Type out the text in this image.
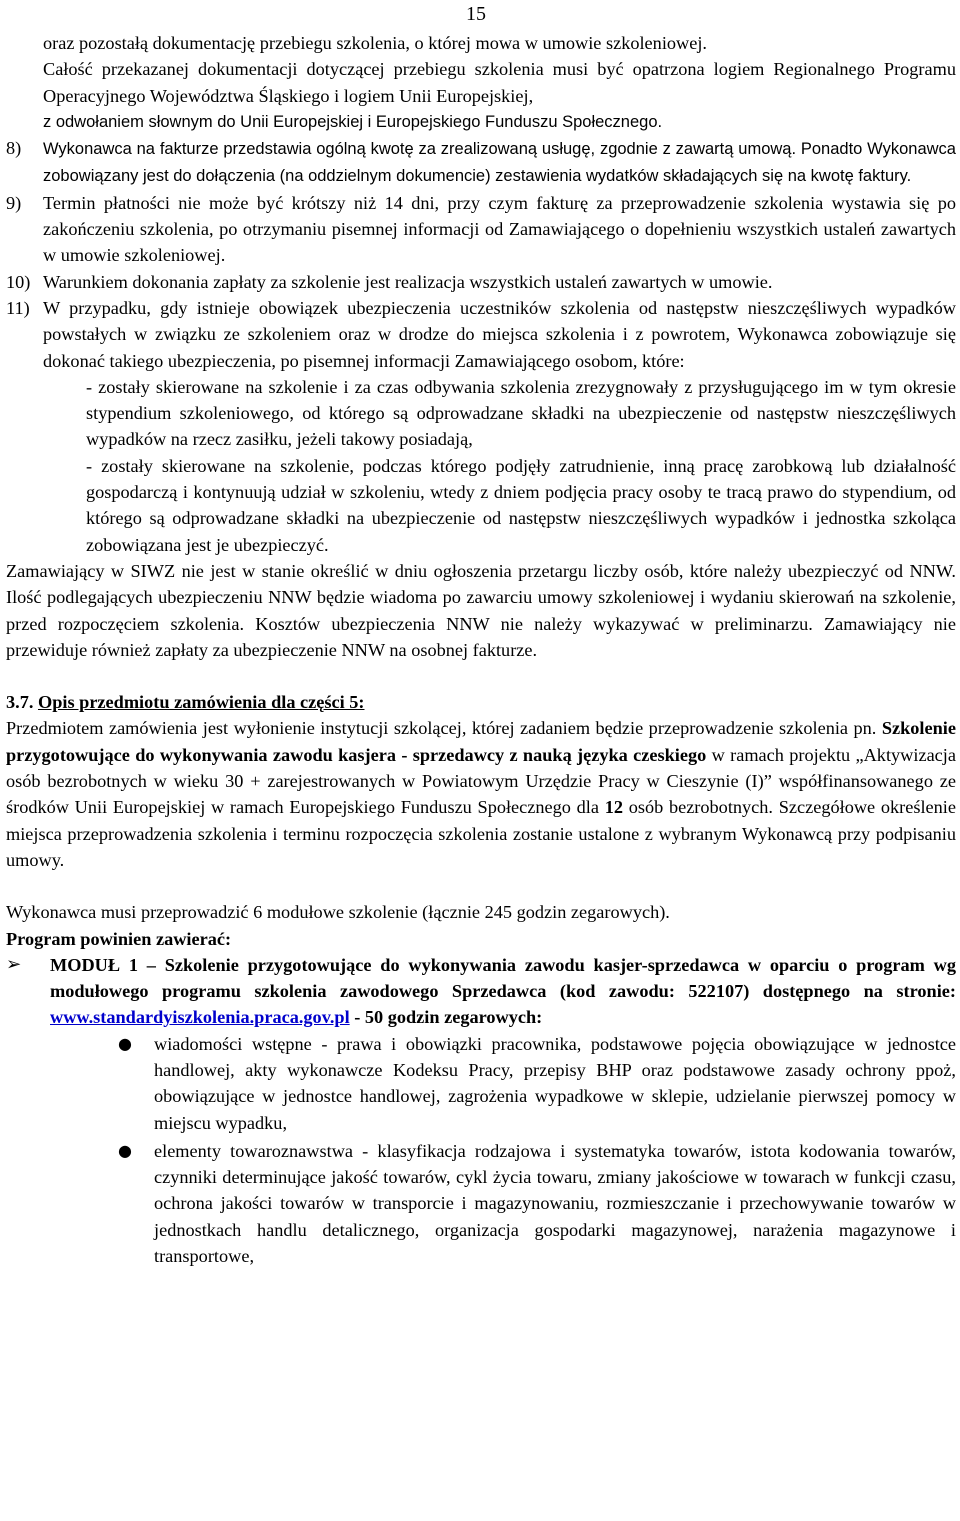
15

oraz pozostałą dokumentację przebiegu szkolenia, o której mowa w umowie szkoleniowej.

Całość przekazanej dokumentacji dotyczącej przebiegu szkolenia musi być opatrzona logiem Regionalnego Programu Operacyjnego Województwa Śląskiego i logiem Unii Europejskiej,

z odwołaniem słownym do Unii Europejskiej i Europejskiego Funduszu Społecznego.

8) Wykonawca na fakturze przedstawia ogólną kwotę za zrealizowaną usługę, zgodnie z zawartą umową. Ponadto Wykonawca zobowiązany jest do dołączenia (na oddzielnym dokumencie) zestawienia wydatków składających się na kwotę faktury.

9) Termin płatności nie może być krótszy niż 14 dni, przy czym fakturę za przeprowadzenie szkolenia wystawia się po zakończeniu szkolenia, po otrzymaniu pisemnej informacji od Zamawiającego o dopełnieniu wszystkich ustaleń zawartych w umowie szkoleniowej.

10) Warunkiem dokonania zapłaty za szkolenie jest realizacja wszystkich ustaleń zawartych w umowie.

11) W przypadku, gdy istnieje obowiązek ubezpieczenia uczestników szkolenia od następstw nieszczęśliwych wypadków powstałych w związku ze szkoleniem oraz w drodze do miejsca szkolenia i z powrotem, Wykonawca zobowiązuje się dokonać takiego ubezpieczenia, po pisemnej informacji Zamawiającego osobom, które:

- zostały skierowane na szkolenie i za czas odbywania szkolenia zrezygnowały z przysługującego im w tym okresie stypendium szkoleniowego, od którego są odprowadzane składki na ubezpieczenie od następstw nieszczęśliwych wypadków na rzecz zasiłku, jeżeli takowy posiadają,

- zostały skierowane na szkolenie, podczas którego podjęły zatrudnienie, inną pracę zarobkową lub działalność gospodarczą i kontynuują udział w szkoleniu, wtedy z dniem podjęcia pracy osoby te tracą prawo do stypendium, od którego są odprowadzane składki na ubezpieczenie od następstw nieszczęśliwych wypadków i jednostka szkoląca zobowiązana jest je ubezpieczyć.

Zamawiający w SIWZ nie jest w stanie określić w dniu ogłoszenia przetargu liczby osób, które należy ubezpieczyć od NNW. Ilość podlegających ubezpieczeniu NNW będzie wiadoma po zawarciu umowy szkoleniowej i wydaniu skierowań na szkolenie, przed rozpoczęciem szkolenia. Kosztów ubezpieczenia NNW nie należy wykazywać w preliminarzu. Zamawiający nie przewiduje również zapłaty za ubezpieczenie NNW na osobnej fakturze.

3.7. Opis przedmiotu zamówienia dla części 5:

Przedmiotem zamówienia jest wyłonienie instytucji szkolącej, której zadaniem będzie przeprowadzenie szkolenia pn. Szkolenie przygotowujące do wykonywania zawodu kasjera - sprzedawcy z nauką języka czeskiego w ramach projektu „Aktywizacja osób bezrobotnych w wieku 30 + zarejestrowanych w Powiatowym Urzędzie Pracy w Cieszynie (I)” współfinansowanego ze środków Unii Europejskiej w ramach Europejskiego Funduszu Społecznego dla 12 osób bezrobotnych. Szczegółowe określenie miejsca przeprowadzenia szkolenia i terminu rozpoczęcia szkolenia zostanie ustalone z wybranym Wykonawcą przy podpisaniu umowy.

Wykonawca musi przeprowadzić 6 modułowe szkolenie (łącznie 245 godzin zegarowych).

Program powinien zawierać:

➢ MODUŁ 1 – Szkolenie przygotowujące do wykonywania zawodu kasjer-sprzedawca w oparciu o program wg modułowego programu szkolenia zawodowego Sprzedawca (kod zawodu: 522107) dostępnego na stronie: www.standardyiszkolenia.praca.gov.pl - 50 godzin zegarowych:

● wiadomości wstępne - prawa i obowiązki pracownika, podstawowe pojęcia obowiązujące w jednostce handlowej, akty wykonawcze Kodeksu Pracy, przepisy BHP oraz podstawowe zasady ochrony ppoż, obowiązujące w jednostce handlowej, zagrożenia wypadkowe w sklepie, udzielanie pierwszej pomocy w miejscu wypadku,
● elementy towaroznawstwa - klasyfikacja rodzajowa i systematyka towarów, istota kodowania towarów, czynniki determinujące jakość towarów, cykl życia towaru, zmiany jakościowe w towarach w funkcji czasu, ochrona jakości towarów w transporcie i magazynowaniu, rozmieszczanie i przechowywanie towarów w jednostkach handlu detalicznego, organizacja gospodarki magazynowej, narażenia magazynowe i transportowe,
